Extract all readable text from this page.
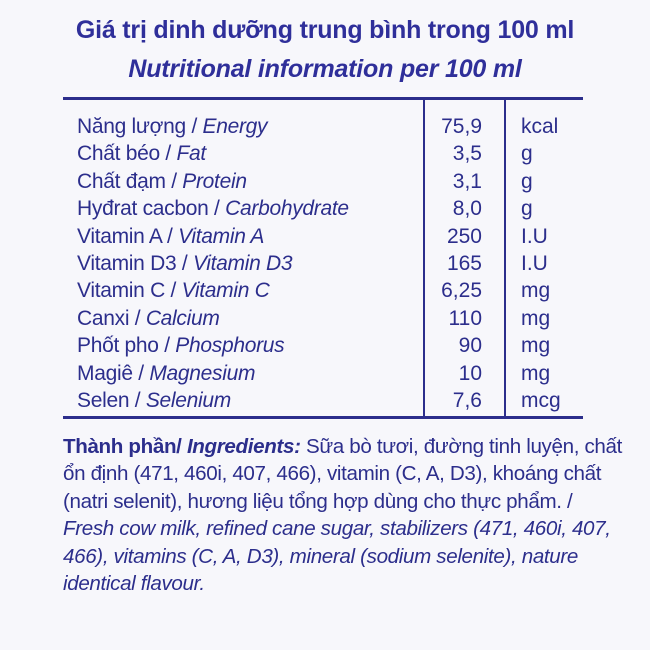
Giá trị dinh dưỡng trung bình trong 100 ml
Nutritional information per 100 ml
Năng lượng / Energy	75,9 kcal
Chất béo / Fat	3,5 g
Chất đạm / Protein	3,1 g
Hyđrat cacbon / Carbohydrate	8,0 g
Vitamin A / Vitamin A	250 I.U
Vitamin D3 / Vitamin D3	165 I.U
Vitamin C / Vitamin C	6,25 mg
Canxi / Calcium	110 mg
Phốt pho / Phosphorus	90 mg
Magiê / Magnesium	10 mg
Selen / Selenium	7,6 mcg
Thành phần/ Ingredients: Sữa bò tươi, đường tinh luyện, chất ổn định (471, 460i, 407, 466), vitamin (C, A, D3), khoáng chất (natri selenit), hương liệu tổng hợp dùng cho thực phẩm. / Fresh cow milk, refined cane sugar, stabilizers (471, 460i, 407, 466), vitamins (C, A, D3), mineral (sodium selenite), nature identical flavour.
